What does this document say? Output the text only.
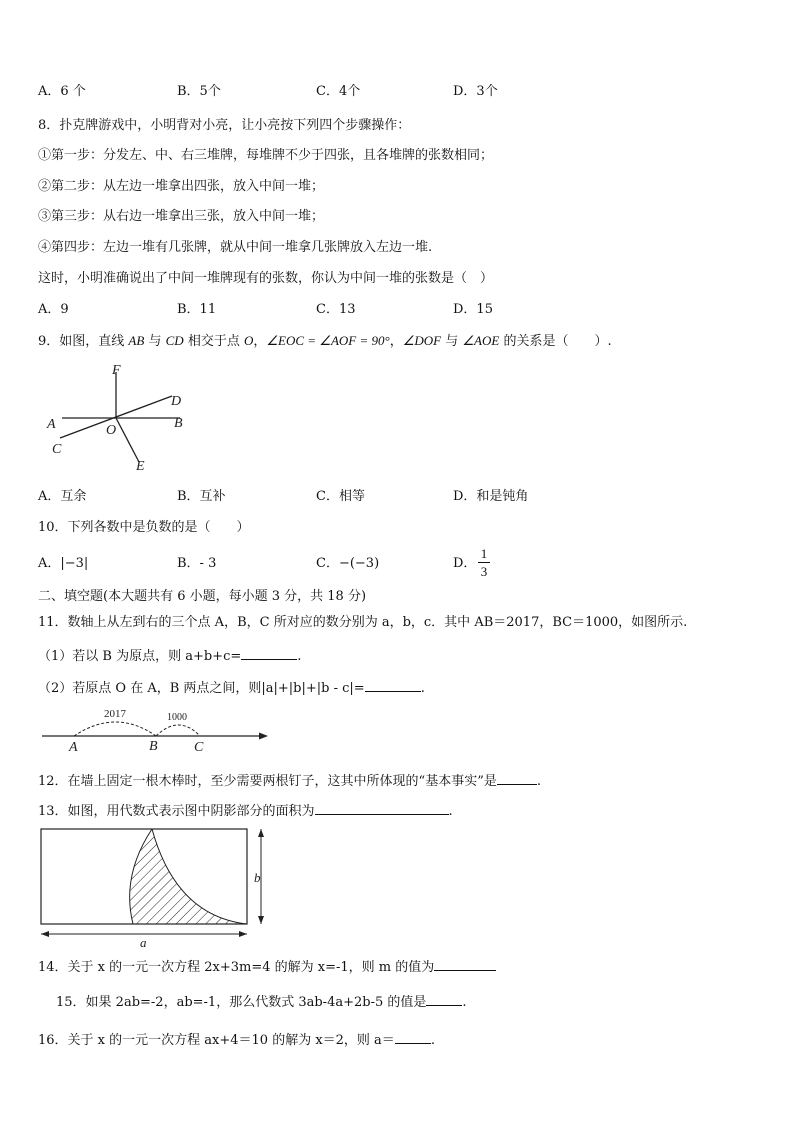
A．6 个	B．5个	C．4个	D．3个
8．扑克牌游戏中，小明背对小亮，让小亮按下列四个步骤操作：
①第一步：分发左、中、右三堆牌，每堆牌不少于四张，且各堆牌的张数相同；
②第二步：从左边一堆拿出四张，放入中间一堆；
③第三步：从右边一堆拿出三张，放入中间一堆；
④第四步：左边一堆有几张牌，就从中间一堆拿几张牌放入左边一堆.
这时，小明准确说出了中间一堆牌现有的张数，你认为中间一堆的张数是（　）
A．9	B．11	C．13	D．15
9．如图，直线 AB 与 CD 相交于点 O，∠EOC = ∠AOF = 90°，∠DOF 与 ∠AOE 的关系是（　　）.
F
D
A	B
O
C
E
A．互余	B．互补	C．相等	D．和是钝角
10．下列各数中是负数的是（　　）
A．|−3|	B．- 3	C．−(−3)	D．
1
3
二、填空题(本大题共有 6 小题，每小题 3 分，共 18 分)
11．数轴上从左到右的三个点 A，B，C 所对应的数分别为 a，b，c．其中 AB＝2017，BC＝1000，如图所示.
（1）若以 B 为原点，则 a+b+c=	.
（2）若原点 O 在 A，B 两点之间，则|a|+|b|+|b - c|=	.
2017	1000
A	B	C
12．在墙上固定一根木棒时，至少需要两根钉子，这其中所体现的“基本事实”是	.
13．如图，用代数式表示图中阴影部分的面积为	.
a
b
14．关于 x 的一元一次方程 2x+3m=4 的解为 x=-1，则 m 的值为
15．如果 2ab=-2，ab=-1，那么代数式 3ab-4a+2b-5 的值是	.
16．关于 x 的一元一次方程 ax+4＝10 的解为 x＝2，则 a＝	.
